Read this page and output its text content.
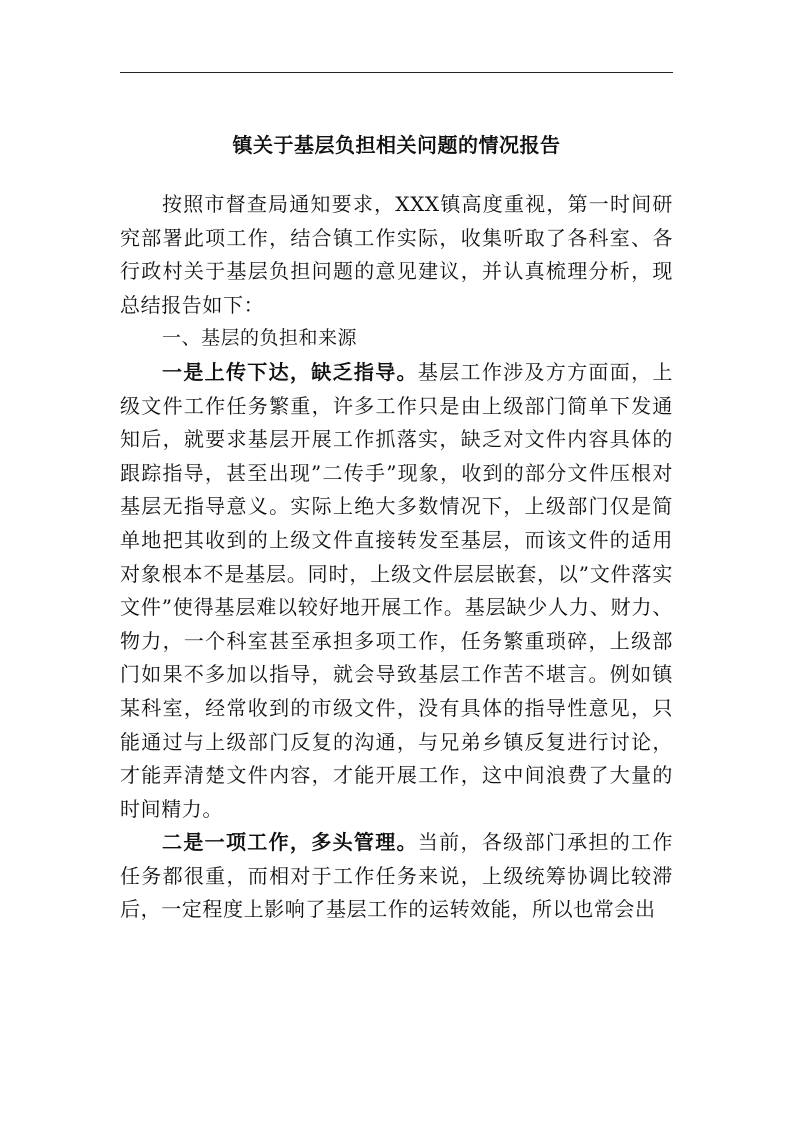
镇关于基层负担相关问题的情况报告

按照市督查局通知要求，XXX镇高度重视，第一时间研究部署此项工作，结合镇工作实际，收集听取了各科室、各行政村关于基层负担问题的意见建议，并认真梳理分析，现总结报告如下：

一、基层的负担和来源

一是上传下达，缺乏指导。基层工作涉及方方面面，上级文件工作任务繁重，许多工作只是由上级部门简单下发通知后，就要求基层开展工作抓落实，缺乏对文件内容具体的跟踪指导，甚至出现”二传手”现象，收到的部分文件压根对基层无指导意义。实际上绝大多数情况下，上级部门仅是简单地把其收到的上级文件直接转发至基层，而该文件的适用对象根本不是基层。同时，上级文件层层嵌套，以”文件落实文件”使得基层难以较好地开展工作。基层缺少人力、财力、物力，一个科室甚至承担多项工作，任务繁重琐碎，上级部门如果不多加以指导，就会导致基层工作苦不堪言。例如镇某科室，经常收到的市级文件，没有具体的指导性意见，只能通过与上级部门反复的沟通，与兄弟乡镇反复进行讨论，才能弄清楚文件内容，才能开展工作，这中间浪费了大量的时间精力。

二是一项工作，多头管理。当前，各级部门承担的工作任务都很重，而相对于工作任务来说，上级统筹协调比较滞后，一定程度上影响了基层工作的运转效能，所以也常会出
